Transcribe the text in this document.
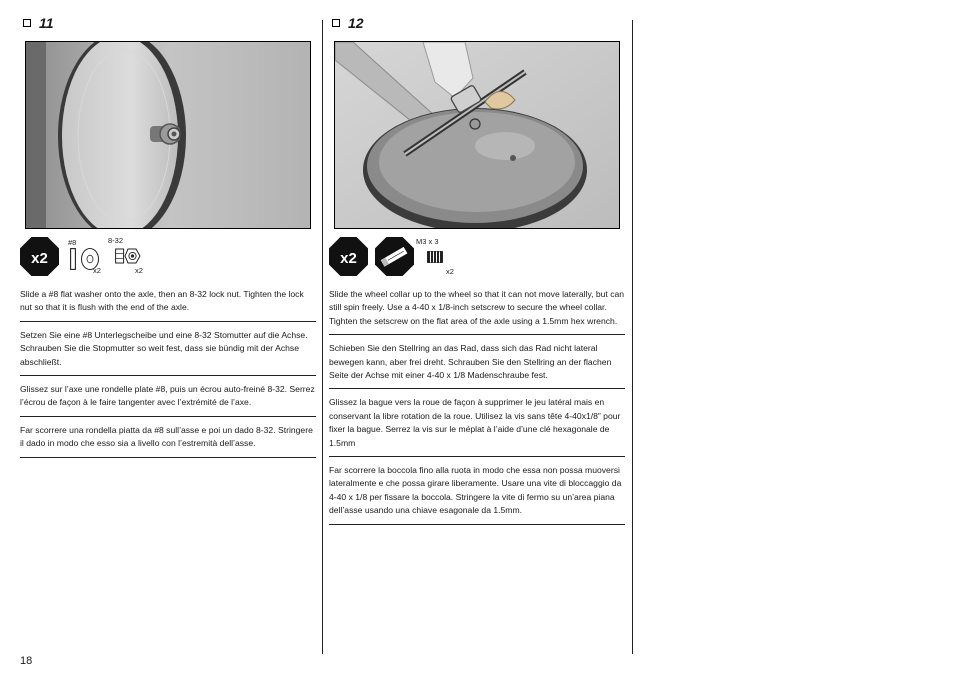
11
x2
#8
x2
8-32
x2

Slide a #8 flat washer onto the axle, then an 8-32 lock nut. Tighten the lock nut so that it is flush with the end of the axle.

Setzen Sie eine #8 Unterlegscheibe und eine 8-32 Stomutter auf die Achse. Schrauben Sie die Stopmutter so weit fest, dass sie bündig mit der Achse abschließt.

Glissez sur l’axe une rondelle plate #8, puis un écrou auto-freiné 8-32. Serrez l’écrou de façon à le faire tangenter avec l’extrémité de l’axe.

Far scorrere una rondella piatta da #8 sull’asse e poi un dado 8-32. Stringere il dado in modo che esso sia a livello con l’estremità dell’asse.

12
x2
M3 x 3
x2

Slide the wheel collar up to the wheel so that it can not move laterally, but can still spin freely. Use a 4-40 x 1/8-inch setscrew to secure the wheel collar. Tighten the setscrew on the flat area of the axle using a 1.5mm hex wrench.

Schieben Sie den Stellring an das Rad, dass sich das Rad nicht lateral bewegen kann, aber frei dreht. Schrauben Sie den Stellring an der flachen Seite der Achse mit einer 4-40 x 1/8 Madenschraube fest.

Glissez la bague vers la roue de façon à supprimer le jeu latéral mais en conservant la libre rotation de la roue. Utilisez la vis sans tête 4-40x1/8” pour fixer la bague. Serrez la vis sur le méplat à l’aide d’une clé hexagonale de 1.5mm

Far scorrere la boccola fino alla ruota in modo che essa non possa muoversi lateralmente e che possa girare liberamente. Usare una vite di bloccaggio da 4-40 x 1/8 per fissare la boccola. Stringere la vite di fermo su un’area piana dell’asse usando una chiave esagonale da 1.5mm.

18
